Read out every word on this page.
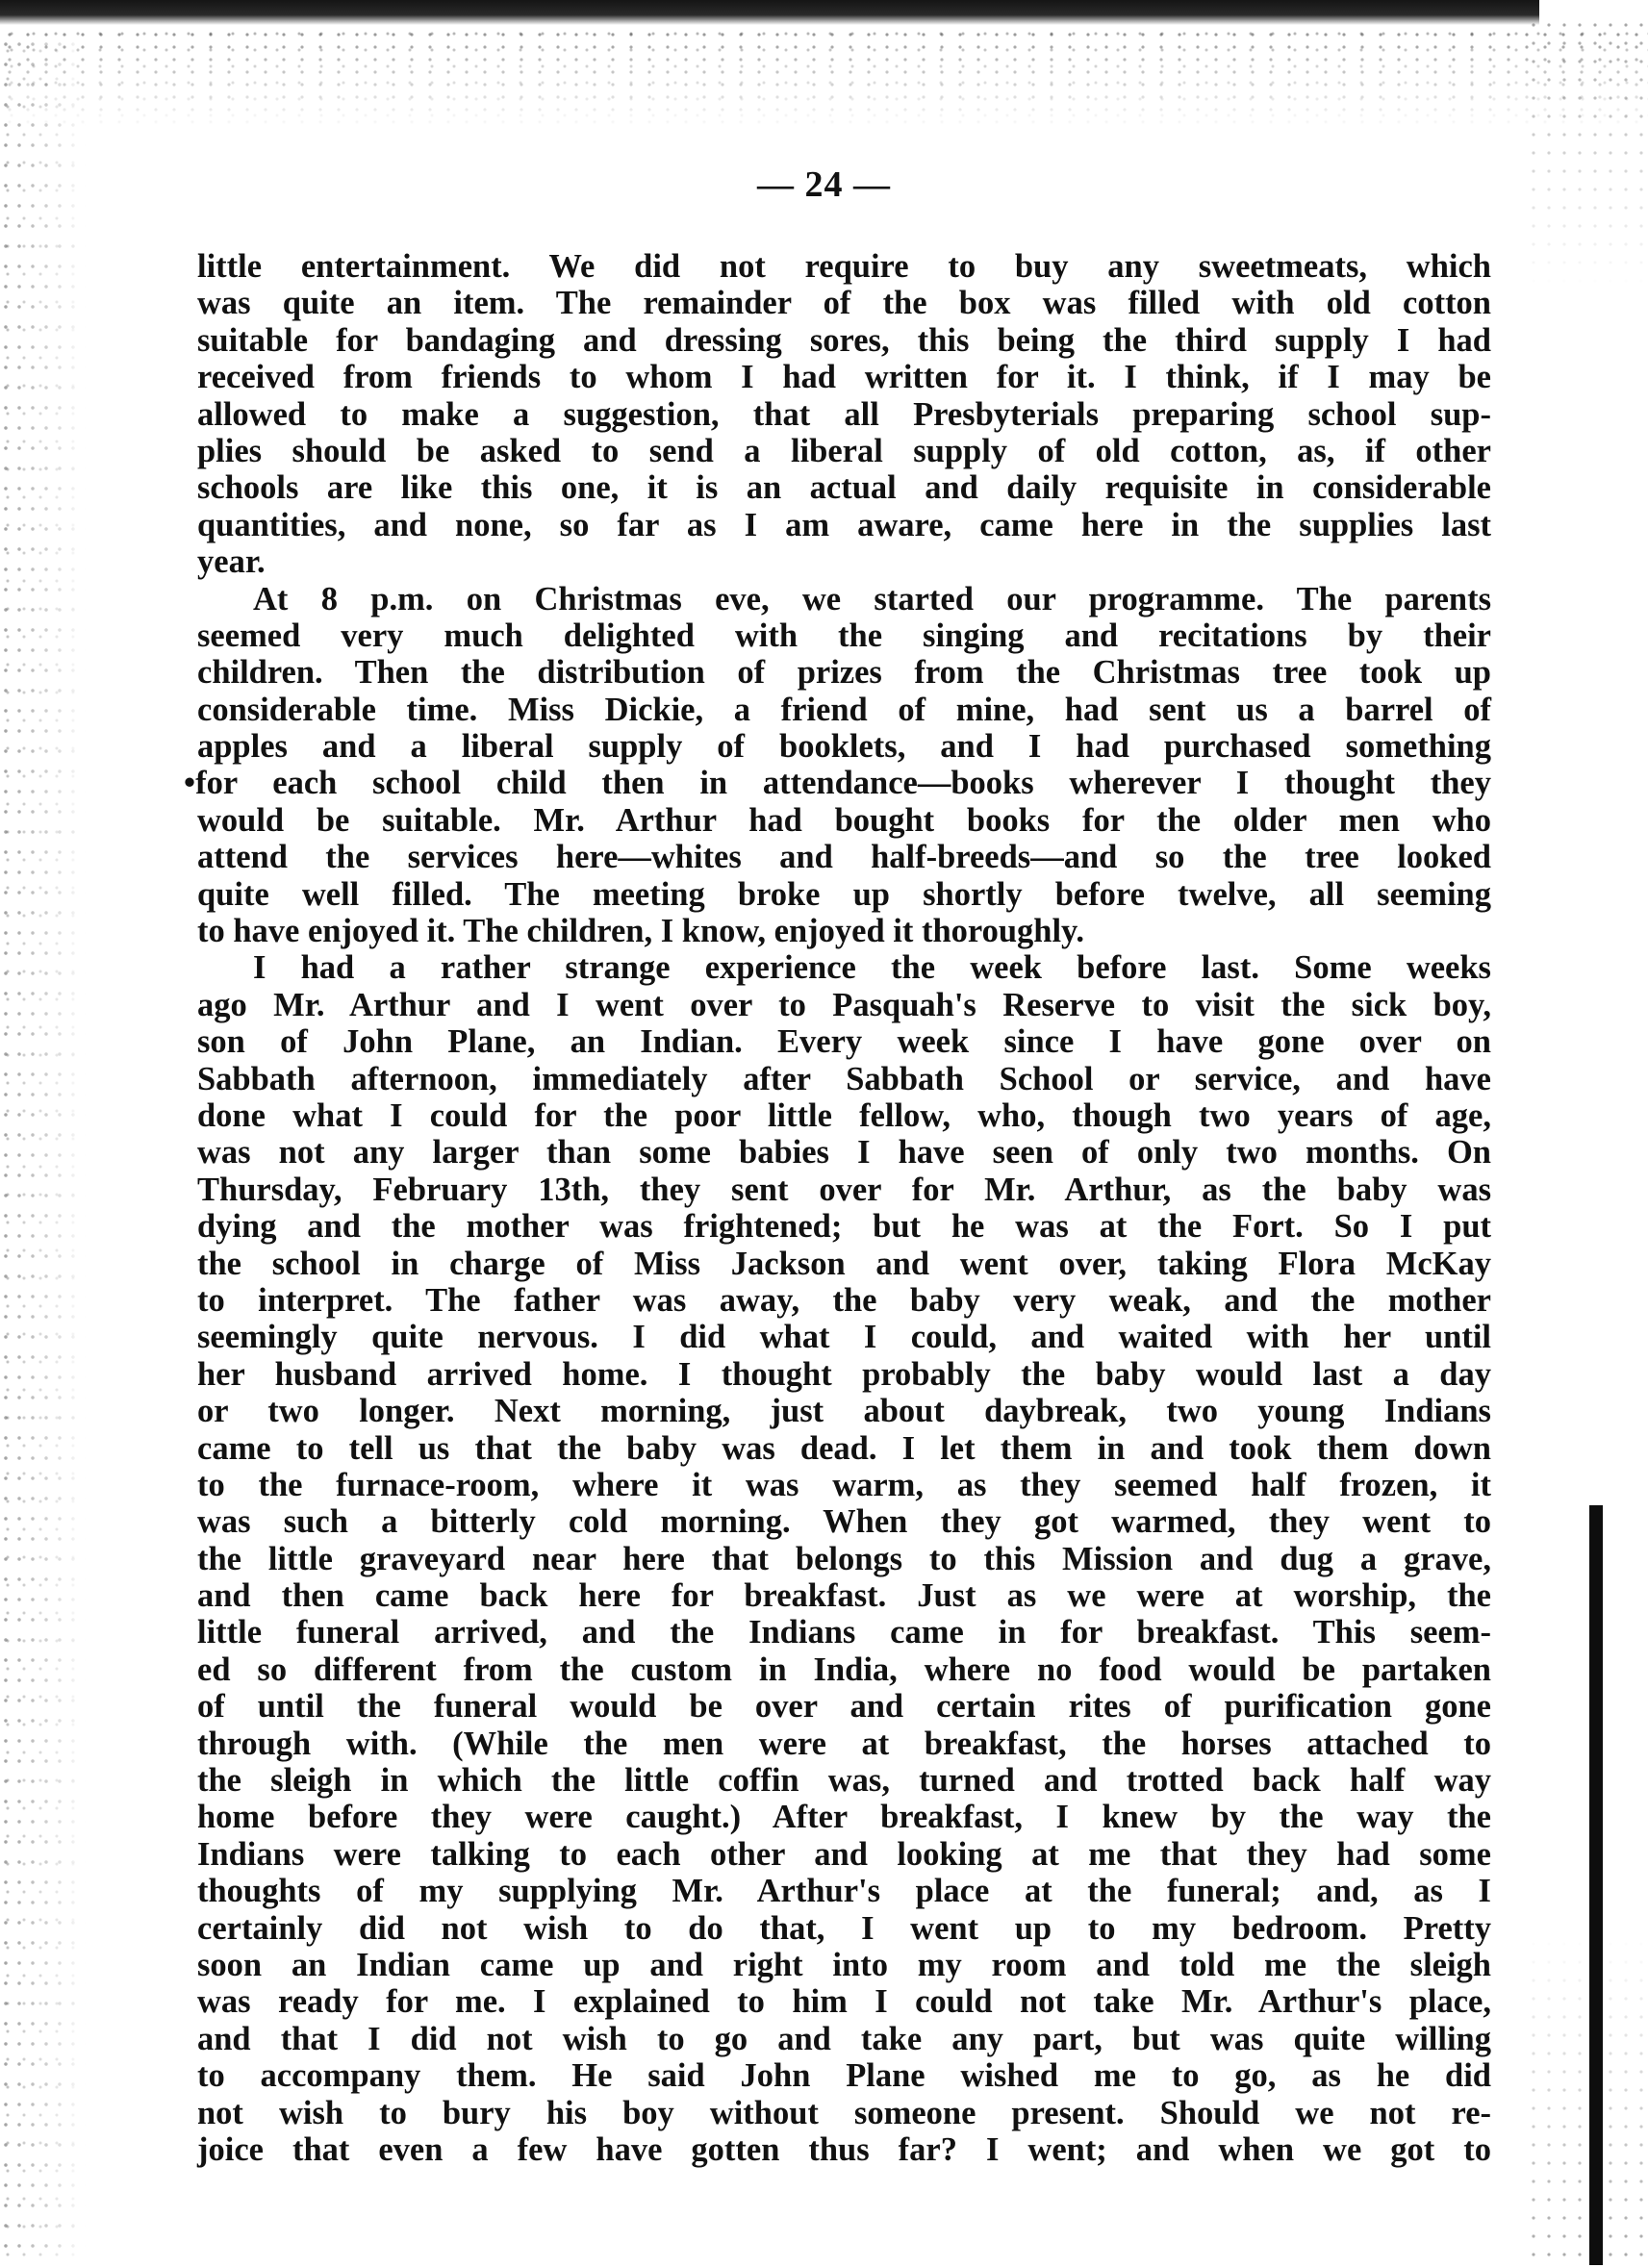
— 24 —
little entertainment. We did not require to buy any sweetmeats, which
was quite an item. The remainder of the box was filled with old cotton
suitable for bandaging and dressing sores, this being the third supply I had
received from friends to whom I had written for it. I think, if I may be
allowed to make a suggestion, that all Presbyterials preparing school sup-
plies should be asked to send a liberal supply of old cotton, as, if other
schools are like this one, it is an actual and daily requisite in considerable
quantities, and none, so far as I am aware, came here in the supplies last
year.
At 8 p.m. on Christmas eve, we started our programme. The parents
seemed very much delighted with the singing and recitations by their
children. Then the distribution of prizes from the Christmas tree took up
considerable time. Miss Dickie, a friend of mine, had sent us a barrel of
apples and a liberal supply of booklets, and I had purchased something
•for each school child then in attendance—books wherever I thought they
would be suitable. Mr. Arthur had bought books for the older men who
attend the services here—whites and half-breeds—and so the tree looked
quite well filled. The meeting broke up shortly before twelve, all seeming
to have enjoyed it. The children, I know, enjoyed it thoroughly.
I had a rather strange experience the week before last. Some weeks
ago Mr. Arthur and I went over to Pasquah's Reserve to visit the sick boy,
son of John Plane, an Indian. Every week since I have gone over on
Sabbath afternoon, immediately after Sabbath School or service, and have
done what I could for the poor little fellow, who, though two years of age,
was not any larger than some babies I have seen of only two months. On
Thursday, February 13th, they sent over for Mr. Arthur, as the baby was
dying and the mother was frightened; but he was at the Fort. So I put
the school in charge of Miss Jackson and went over, taking Flora McKay
to interpret. The father was away, the baby very weak, and the mother
seemingly quite nervous. I did what I could, and waited with her until
her husband arrived home. I thought probably the baby would last a day
or two longer. Next morning, just about daybreak, two young Indians
came to tell us that the baby was dead. I let them in and took them down
to the furnace-room, where it was warm, as they seemed half frozen, it
was such a bitterly cold morning. When they got warmed, they went to
the little graveyard near here that belongs to this Mission and dug a grave,
and then came back here for breakfast. Just as we were at worship, the
little funeral arrived, and the Indians came in for breakfast. This seem-
ed so different from the custom in India, where no food would be partaken
of until the funeral would be over and certain rites of purification gone
through with. (While the men were at breakfast, the horses attached to
the sleigh in which the little coffin was, turned and trotted back half way
home before they were caught.) After breakfast, I knew by the way the
Indians were talking to each other and looking at me that they had some
thoughts of my supplying Mr. Arthur's place at the funeral; and, as I
certainly did not wish to do that, I went up to my bedroom. Pretty
soon an Indian came up and right into my room and told me the sleigh
was ready for me. I explained to him I could not take Mr. Arthur's place,
and that I did not wish to go and take any part, but was quite willing
to accompany them. He said John Plane wished me to go, as he did
not wish to bury his boy without someone present. Should we not re-
joice that even a few have gotten thus far? I went; and when we got to
